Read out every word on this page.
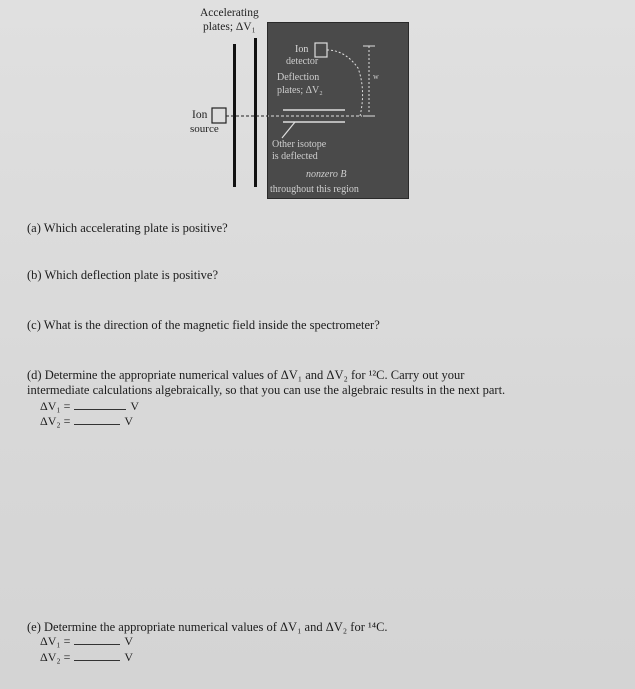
Accelerating
plates; ΔV₁
Ion
source
Ion
detector
Deflection
plates; ΔV₂
w
Other isotope
is deflected
nonzero B
throughout this region
(a) Which accelerating plate is positive?
(b) Which deflection plate is positive?
(c) What is the direction of the magnetic field inside the spectrometer?
(d) Determine the appropriate numerical values of ΔV₁ and ΔV₂ for ¹²C. Carry out your
intermediate calculations algebraically, so that you can use the algebraic results in the next part.
ΔV₁ =	V
ΔV₂ =	V
(e) Determine the appropriate numerical values of ΔV₁ and ΔV₂ for ¹⁴C.
ΔV₁ =	V
ΔV₂ =	V
